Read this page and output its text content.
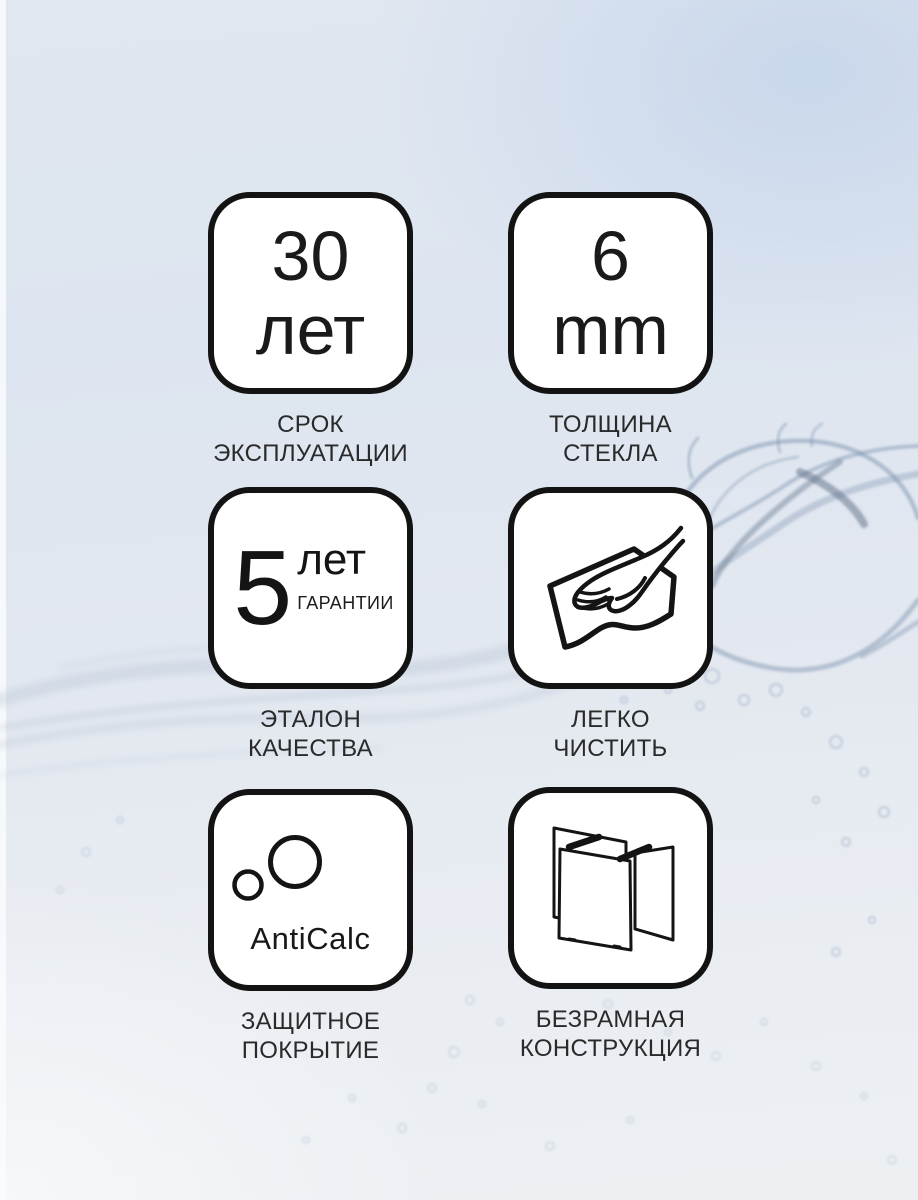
30
лет
СРОК
ЭКСПЛУАТАЦИИ
6
mm
ТОЛЩИНА
СТЕКЛА
5 лет
ГАРАНТИИ
ЭТАЛОН
КАЧЕСТВА
ЛЕГКО
ЧИСТИТЬ
AntiCalc
ЗАЩИТНОЕ
ПОКРЫТИЕ
БЕЗРАМНАЯ
КОНСТРУКЦИЯ
